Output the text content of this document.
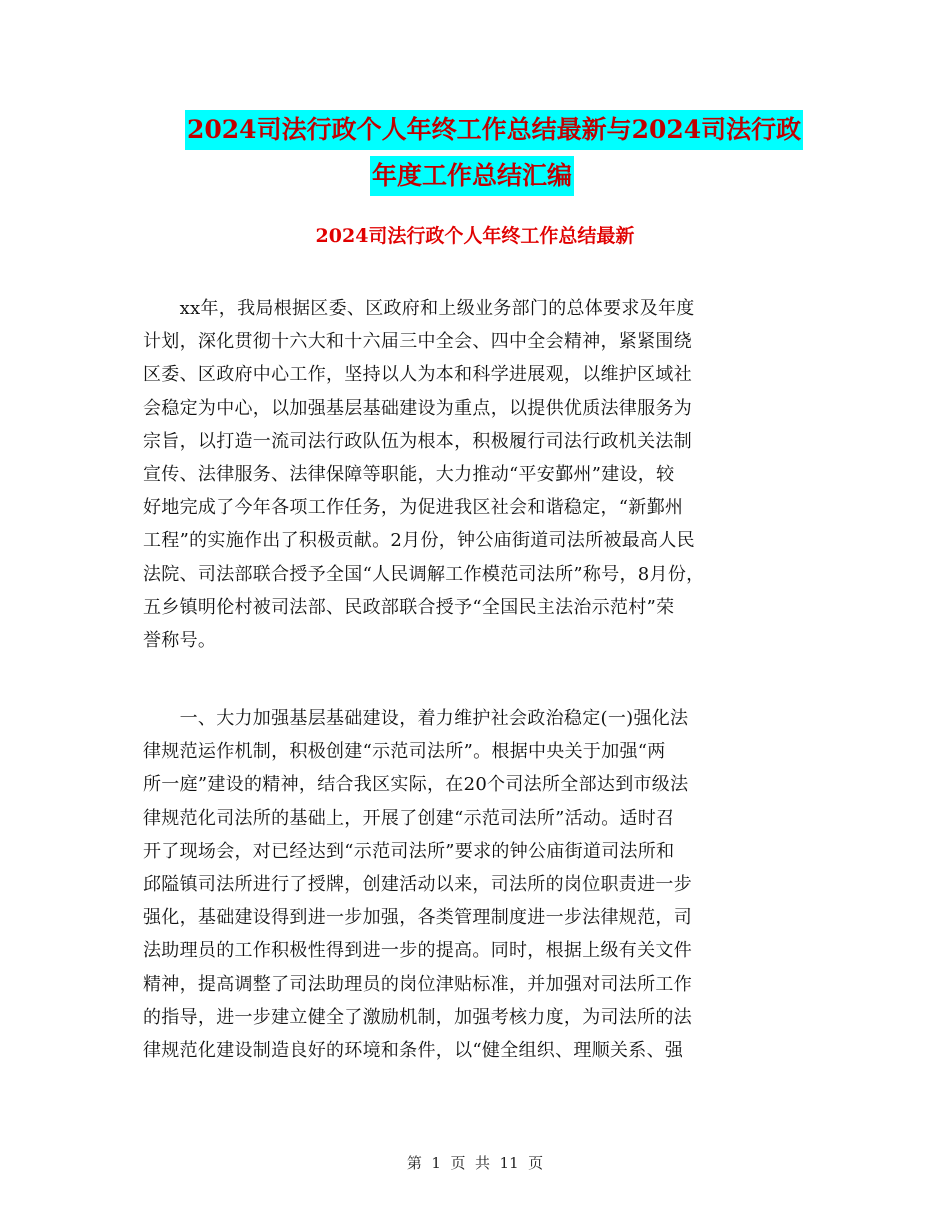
2024司法行政个人年终工作总结最新与2024司法行政
年度工作总结汇编
2024司法行政个人年终工作总结最新
　　xx年，我局根据区委、区政府和上级业务部门的总体要求及年度
计划，深化贯彻十六大和十六届三中全会、四中全会精神，紧紧围绕
区委、区政府中心工作，坚持以人为本和科学进展观，以维护区域社
会稳定为中心，以加强基层基础建设为重点，以提供优质法律服务为
宗旨，以打造一流司法行政队伍为根本，积极履行司法行政机关法制
宣传、法律服务、法律保障等职能，大力推动“平安鄞州”建设，较
好地完成了今年各项工作任务，为促进我区社会和谐稳定，“新鄞州
工程”的实施作出了积极贡献。2月份，钟公庙街道司法所被最高人民
法院、司法部联合授予全国“人民调解工作模范司法所”称号，8月份，
五乡镇明伦村被司法部、民政部联合授予“全国民主法治示范村”荣
誉称号。
　　一、大力加强基层基础建设，着力维护社会政治稳定(一)强化法
律规范运作机制，积极创建“示范司法所”。根据中央关于加强“两
所一庭”建设的精神，结合我区实际，在20个司法所全部达到市级法
律规范化司法所的基础上，开展了创建“示范司法所”活动。适时召
开了现场会，对已经达到“示范司法所”要求的钟公庙街道司法所和
邱隘镇司法所进行了授牌，创建活动以来，司法所的岗位职责进一步
强化，基础建设得到进一步加强，各类管理制度进一步法律规范，司
法助理员的工作积极性得到进一步的提高。同时，根据上级有关文件
精神，提高调整了司法助理员的岗位津贴标准，并加强对司法所工作
的指导，进一步建立健全了激励机制，加强考核力度，为司法所的法
律规范化建设制造良好的环境和条件，以“健全组织、理顺关系、强
第  1  页  共  11  页
